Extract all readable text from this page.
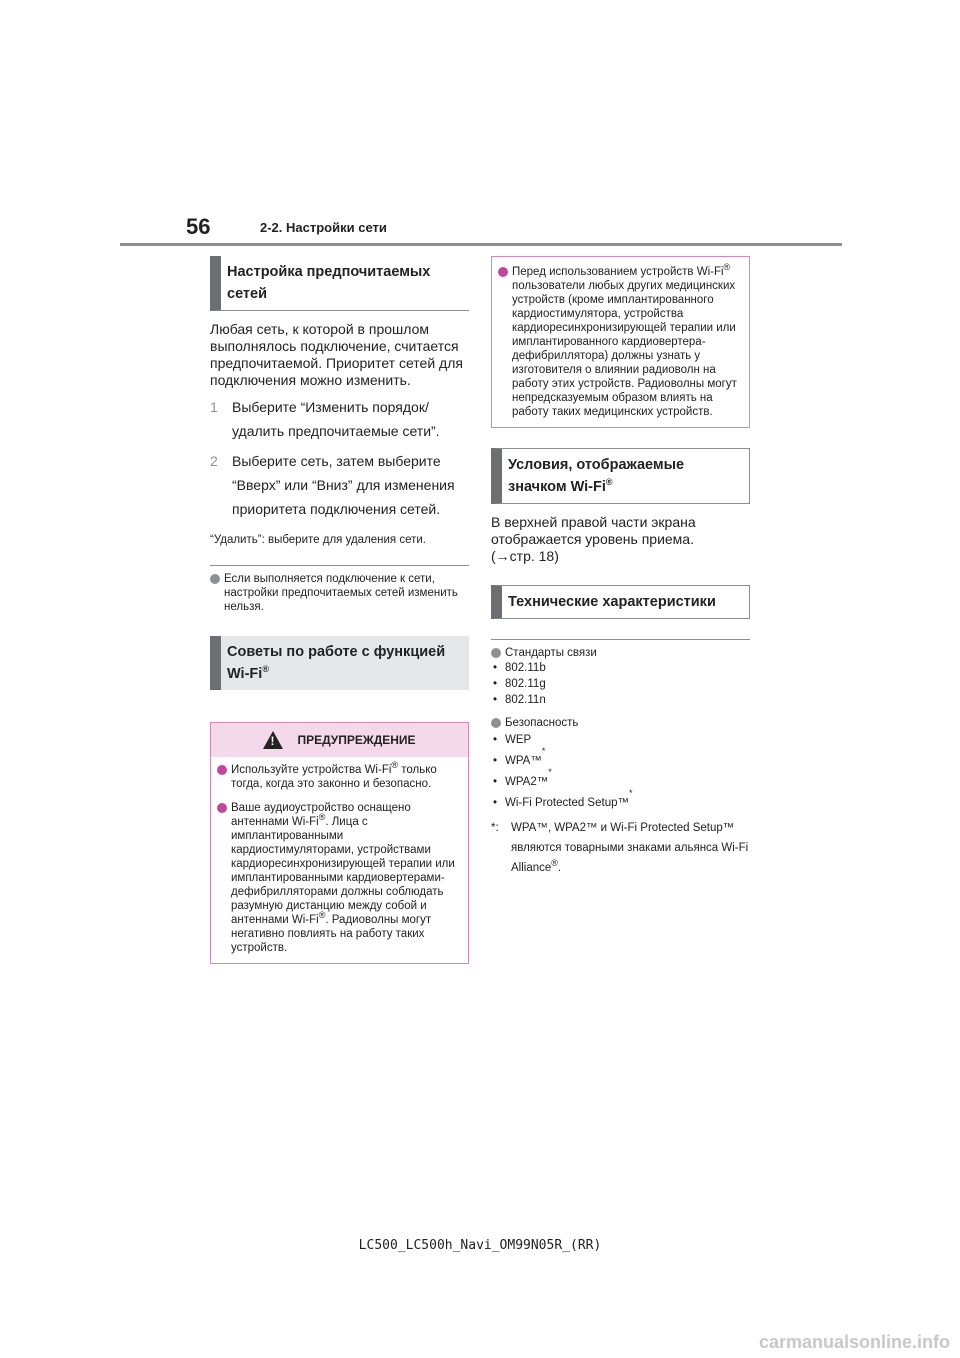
56	2-2. Настройки сети
Настройка предпочитаемых сетей
Любая сеть, к которой в прошлом выполнялось подключение, считается предпочитаемой. Приоритет сетей для подключения можно изменить.
1	Выберите “Изменить порядок/удалить предпочитаемые сети”.
2	Выберите сеть, затем выберите “Вверх” или “Вниз” для изменения приоритета подключения сетей.
“Удалить”: выберите для удаления сети.
Если выполняется подключение к сети, настройки предпочитаемых сетей изменить нельзя.
Советы по работе с функцией Wi-Fi®
!
ПРЕДУПРЕЖДЕНИЕ
Используйте устройства Wi-Fi® только тогда, когда это законно и безопасно.
Ваше аудиоустройство оснащено антеннами Wi-Fi®. Лица с имплантированными кардиостимуляторами, устройствами кардиоресинхронизирующей терапии или имплантированными кардиовертерами-дефибрилляторами должны соблюдать разумную дистанцию между собой и антеннами Wi-Fi®. Радиоволны могут негативно повлиять на работу таких устройств.
Перед использованием устройств Wi-Fi® пользователи любых других медицинских устройств (кроме имплантированного кардиостимулятора, устройства кардиоресинхронизирующей терапии или имплантированного кардиовертера-дефибриллятора) должны узнать у изготовителя о влиянии радиоволн на работу этих устройств. Радиоволны могут непредсказуемым образом влиять на работу таких медицинских устройств.
Условия, отображаемые значком Wi-Fi®
В верхней правой части экрана отображается уровень приема.
(→стр. 18)
Технические характеристики
Стандарты связи
• 802.11b
• 802.11g
• 802.11n
Безопасность
• WEP
• WPA™
*
• WPA2™
*
• Wi-Fi Protected Setup™
*
*:	WPA™, WPA2™ и Wi-Fi Protected Setup™ являются товарными знаками альянса Wi-Fi Alliance®.
LC500_LC500h_Navi_OM99N05R_(RR)
carmanualsonline.info
